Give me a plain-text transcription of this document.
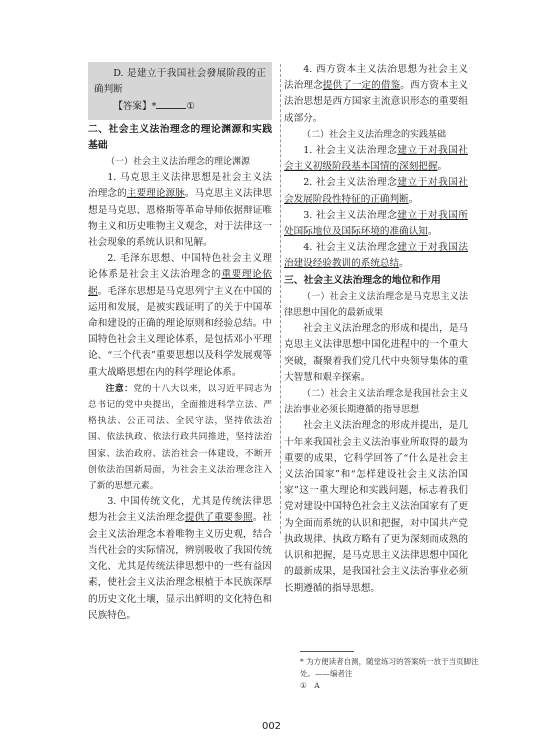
D. 是建立于我国社会發展阶段的正确判断

【答案】*	①

二、社会主义法治理念的理论渊源和实践基础

（一）社会主义法治理念的理论渊源

1. 马克思主义法律思想是社会主义法治理念的主要理论源脉。马克思主义法律思想是马克思、恩格斯等革命导师依据辩证唯物主义和历史唯物主义观念，对于法律这一社会现象的系统认识和见解。

2. 毛泽东思想、中国特色社会主义理论体系是社会主义法治理念的重要理论依据。毛泽东思想是马克思列宁主义在中国的运用和发展，是被实践证明了的关于中国革命和建设的正确的理论原则和经验总结。中国特色社会主义理论体系，是包括邓小平理论、“三个代表”重要思想以及科学发展观等重大战略思想在内的科学理论体系。

注意：党的十八大以来，以习近平同志为总书记的党中央提出，全面推进科学立法、严格执法、公正司法、全民守法，坚持依法治国、依法执政、依法行政共同推进，坚持法治国家、法治政府、法治社会一体建设，不断开创依法治国新局面，为社会主义法治理念注入了新的思想元素。

3. 中国传统文化，尤其是传统法律思想为社会主义法治理念提供了重要参照。社会主义法治理念本着唯物主义历史观，结合当代社会的实际情况，辨别吸收了我国传统文化、尤其是传统法律思想中的一些有益因素，使社会主义法治理念根植于本民族深厚的历史文化土壤，显示出鲜明的文化特色和民族特色。

4. 西方资本主义法治思想为社会主义法治理念提供了一定的借鉴。西方资本主义法治思想是西方国家主流意识形态的重要组成部分。

（二）社会主义法治理念的实践基础

1. 社会主义法治理念建立于对我国社会主义初级阶段基本国情的深刻把握。

2. 社会主义法治理念建立于对我国社会发展阶段性特征的正确判断。

3. 社会主义法治理念建立于对我国所处国际地位及国际环境的准确认知。

4. 社会主义法治理念建立于对我国法治建设经验教训的系统总结。

三、社会主义法治理念的地位和作用

（一）社会主义法治理念是马克思主义法律思想中国化的最新成果

社会主义法治理念的形成和提出，是马克思主义法律思想中国化进程中的一个重大突破，凝聚着我们党几代中央领导集体的重大智慧和艰辛探索。

（二）社会主义法治理念是我国社会主义法治事业必须长期遵循的指导思想

社会主义法治理念的形成并提出，是几十年来我国社会主义法治事业所取得的最为重要的成果，它科学回答了“什么是社会主义法治国家”和“怎样建设社会主义法治国家”这一重大理论和实践问题，标志着我们党对建设中国特色社会主义法治国家有了更为全面而系统的认识和把握，对中国共产党执政规律、执政方略有了更为深刻而成熟的认识和把握，是马克思主义法律思想中国化的最新成果，是我国社会主义法治事业必须长期遵循的指导思想。

* 为方便读者自测，随堂练习的答案统一放于当页脚注处。——编者注
①　A
002
